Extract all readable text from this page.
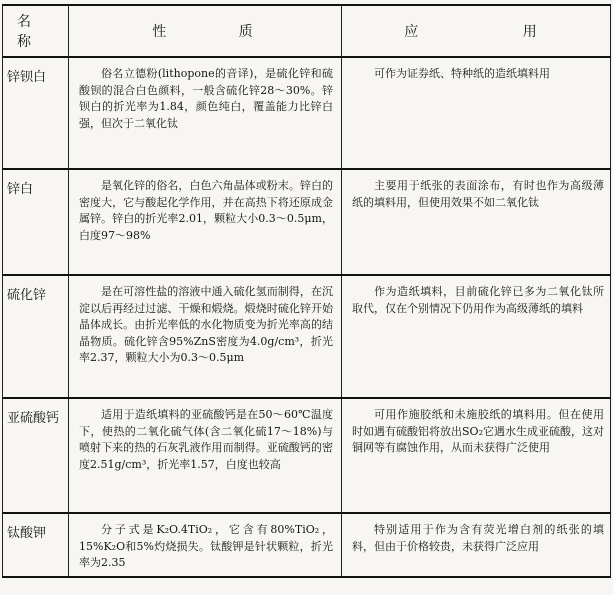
名 称	性 质	应 用
锌钡白	俗名立德粉(lithopone的音译)，是硫化锌和硫酸钡的混合白色颜料，一般含硫化锌28～30%。锌钡白的折光率为1.84，颜色纯白，覆盖能力比锌白强，但次于二氧化钛	可作为证券纸、特种纸的造纸填料用

锌白	是氧化锌的俗名，白色六角晶体或粉末。锌白的密度大，它与酸起化学作用，并在高热下将还原成金属锌。锌白的折光率2.01，颗粒大小0.3～0.5μm，白度97～98%	主要用于纸张的表面涂布，有时也作为高级薄纸的填料用，但使用效果不如二氧化钛

硫化锌	是在可溶性盐的溶液中通入硫化氢而制得，在沉淀以后再经过过滤、干燥和煅烧。煅烧时硫化锌开始晶体成长。由折光率低的水化物质变为折光率高的结晶物质。硫化锌含95%ZnS密度为4.0g/cm³，折光率2.37，颗粒大小为0.3～0.5μm	作为造纸填料，目前硫化锌已多为二氧化钛所取代，仅在个别情况下仍用作为高级薄纸的填料

亚硫酸钙	适用于造纸填料的亚硫酸钙是在50～60℃温度下，使热的二氧化硫气体(含二氧化硫17～18%)与喷射下来的热的石灰乳液作用而制得。亚硫酸钙的密度2.51g/cm³，折光率1.57，白度也较高	可用作施胶纸和未施胶纸的填料用。但在使用时如遇有硫酸铝将放出SO₂它遇水生成亚硫酸，这对铜网等有腐蚀作用，从而未获得广泛使用

钛酸钾	分子式是K₂O.4TiO₂，它含有80%TiO₂，15%K₂O和5%灼烧损失。钛酸钾是针状颗粒，折光率为2.35	特别适用于作为含有荧光增白剂的纸张的填料，但由于价格较贵，未获得广泛应用
